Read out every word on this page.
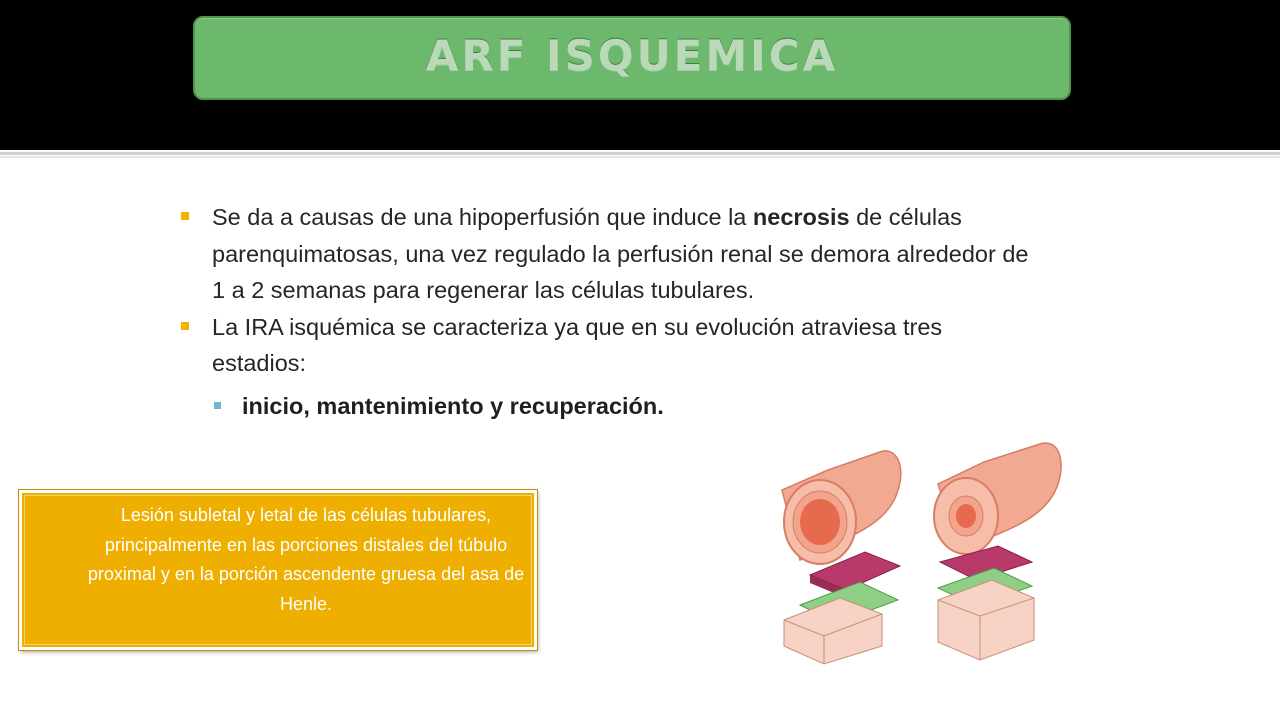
ARF ISQUEMICA

Se da a causas de una hipoperfusión que induce la necrosis de células parenquimatosas, una vez regulado la perfusión renal se demora alrededor de 1 a 2 semanas para regenerar las células tubulares.

La IRA isquémica se caracteriza ya que en su evolución atraviesa tres estadios:

inicio, mantenimiento y recuperación.

Lesión subletal y letal de las células tubulares, principalmente en las porciones distales del túbulo proximal y en la porción ascendente gruesa del asa de Henle.
